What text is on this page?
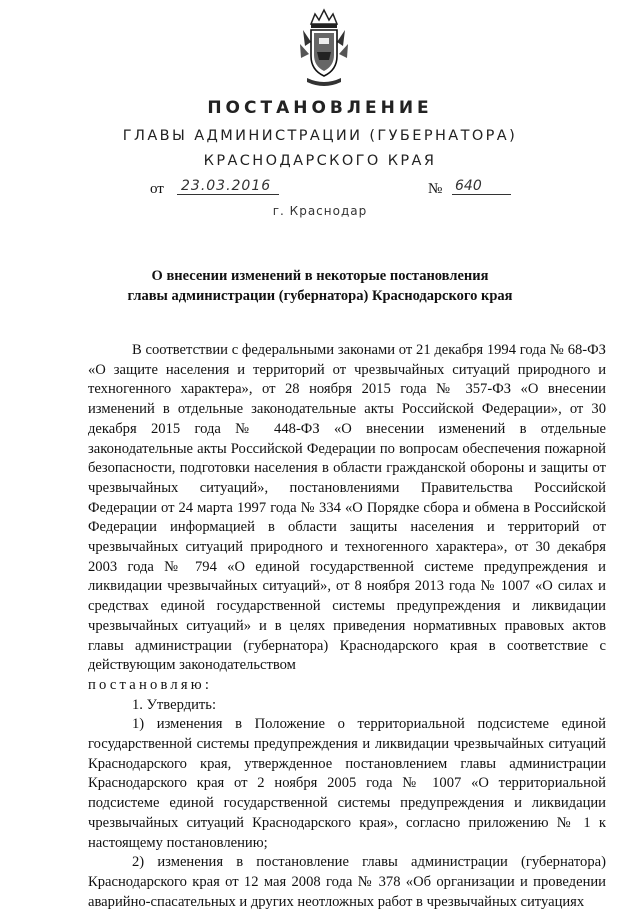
ПОСТАНОВЛЕНИЕ
ГЛАВЫ АДМИНИСТРАЦИИ (ГУБЕРНАТОРА)
КРАСНОДАРСКОГО КРАЯ
от 23.03.2016	№ 640
г. Краснодар
О внесении изменений в некоторые постановления
главы администрации (губернатора) Краснодарского края

В соответствии с федеральными законами от 21 декабря 1994 года № 68-ФЗ «О защите населения и территорий от чрезвычайных ситуаций природного и техногенного характера», от 28 ноября 2015 года № 357-ФЗ «О внесении изменений в отдельные законодательные акты Российской Федерации», от 30 декабря 2015 года № 448-ФЗ «О внесении изменений в отдельные законодательные акты Российской Федерации по вопросам обеспечения пожарной безопасности, подготовки населения в области гражданской обороны и защиты от чрезвычайных ситуаций», постановлениями Правительства Российской Федерации от 24 марта 1997 года № 334 «О Порядке сбора и обмена в Российской Федерации информацией в области защиты населения и территорий от чрезвычайных ситуаций природного и техногенного характера», от 30 декабря 2003 года № 794 «О единой государственной системе предупреждения и ликвидации чрезвычайных ситуаций», от 8 ноября 2013 года № 1007 «О силах и средствах единой государственной системы предупреждения и ликвидации чрезвычайных ситуаций» и в целях приведения нормативных правовых актов главы администрации (губернатора) Краснодарского края в соответствие с действующим законодательством

постановляю:

1. Утвердить:

1) изменения в Положение о территориальной подсистеме единой государственной системы предупреждения и ликвидации чрезвычайных ситуаций Краснодарского края, утвержденное постановлением главы администрации Краснодарского края от 2 ноября 2005 года № 1007 «О территориальной подсистеме единой государственной системы предупреждения и ликвидации чрезвычайных ситуаций Краснодарского края», согласно приложению № 1 к настоящему постановлению;

2) изменения в постановление главы администрации (губернатора) Краснодарского края от 12 мая 2008 года № 378 «Об организации и проведении аварийно-спасательных и других неотложных работ в чрезвычайных ситуациях
